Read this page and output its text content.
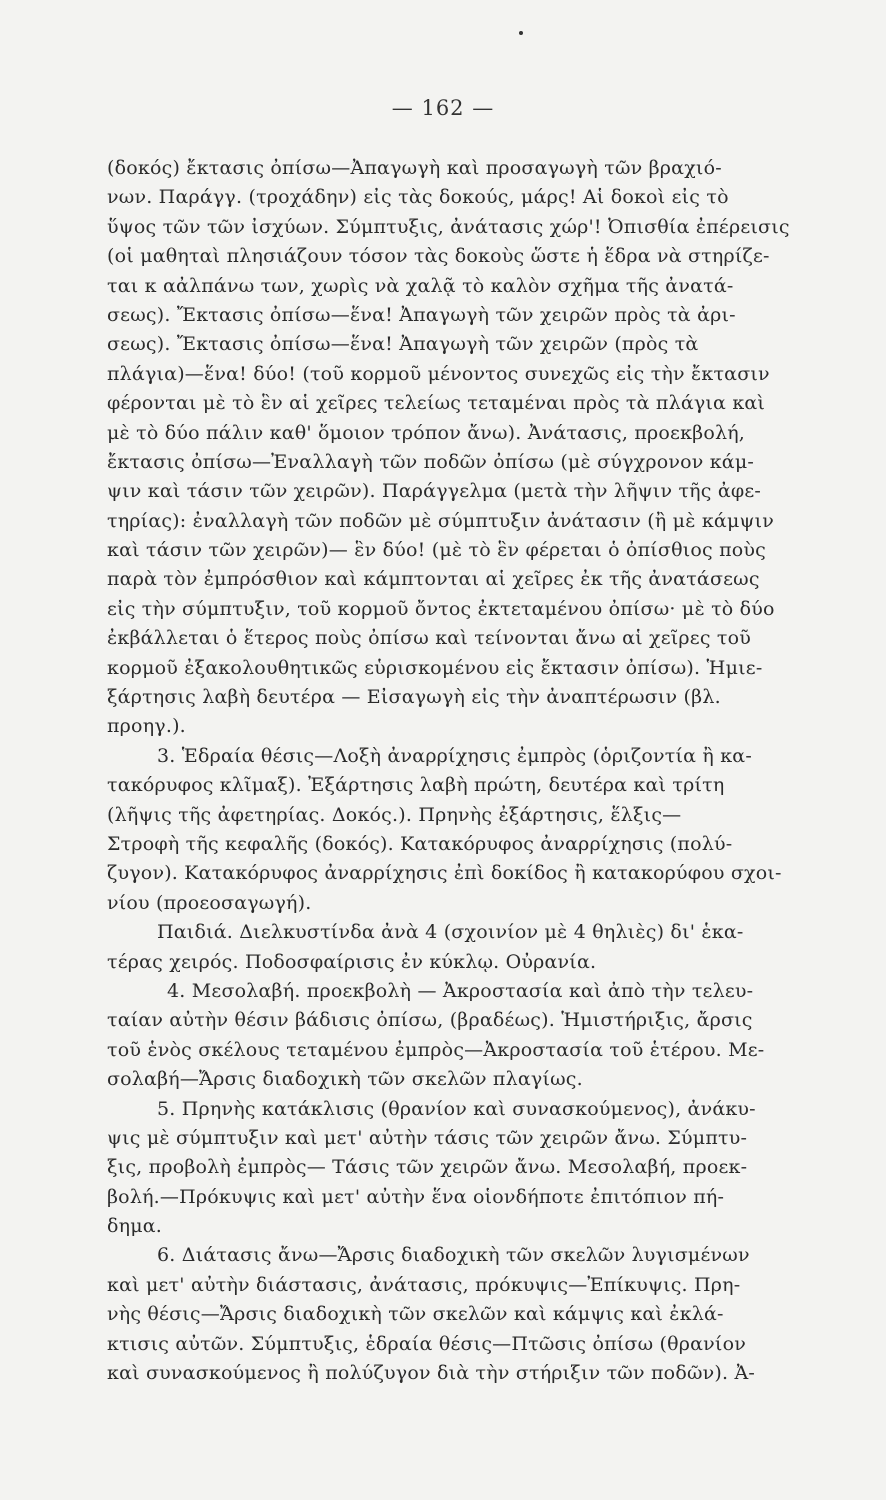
— 162 —
(δοκός) ἔκτασις ὀπίσω—Ἀπαγωγὴ καὶ προσαγωγὴ τῶν βραχιό-
νων. Παράγγ. (τροχάδην) εἰς τὰς δοκούς, μάρς! Αἱ δοκοὶ εἰς τὸ
ὕψος τῶν τῶν ἰσχύων. Σύμπτυξις, ἀνάτασις χώρ'! Ὀπισθία ἐπέρεισις
(οἱ μαθηταὶ πλησιάζουν τόσον τὰς δοκοὺς ὥστε ἡ ἕδρα νὰ στηρίζε-
ται κ αἀλπάνω των, χωρὶς νὰ χαλᾷ τὸ καλὸν σχῆμα τῆς ἀνατά-
σεως). Ἔκτασις ὀπίσω—ἕνα! Ἀπαγωγὴ τῶν χειρῶν πρὸς τὰ ἀρι-
σεως). Ἔκτασις ὀπίσω—ἕνα! Ἀπαγωγὴ τῶν χειρῶν (πρὸς τὰ
πλάγια)—ἕνα! δύο! (τοῦ κορμοῦ μένοντος συνεχῶς εἰς τὴν ἔκτασιν
φέρονται μὲ τὸ ἓν αἱ χεῖρες τελείως τεταμέναι πρὸς τὰ πλάγια καὶ
μὲ τὸ δύο πάλιν καθ' ὅμοιον τρόπον ἄνω). Ἀνάτασις, προεκβολή,
ἔκτασις ὀπίσω—Ἐναλλαγὴ τῶν ποδῶν ὀπίσω (μὲ σύγχρονον κάμ-
ψιν καὶ τάσιν τῶν χειρῶν). Παράγγελμα (μετὰ τὴν λῆψιν τῆς ἀφε-
τηρίας): ἐναλλαγὴ τῶν ποδῶν μὲ σύμπτυξιν ἀνάτασιν (ἢ μὲ κάμψιν
καὶ τάσιν τῶν χειρῶν)— ἓν δύο! (μὲ τὸ ἓν φέρεται ὁ ὀπίσθιος ποὺς
παρὰ τὸν ἐμπρόσθιον καὶ κάμπτονται αἱ χεῖρες ἐκ τῆς ἀνατάσεως
εἰς τὴν σύμπτυξιν, τοῦ κορμοῦ ὄντος ἐκτεταμένου ὀπίσω· μὲ τὸ δύο
ἐκβάλλεται ὁ ἕτερος ποὺς ὀπίσω καὶ τείνονται ἄνω αἱ χεῖρες τοῦ
κορμοῦ ἐξακολουθητικῶς εὑρισκομένου εἰς ἔκτασιν ὀπίσω). Ἡμιε-
ξάρτησις λαβὴ δευτέρα — Εἰσαγωγὴ εἰς τὴν ἀναπτέρωσιν (βλ.
προηγ.).
3. Ἑδραία θέσις—Λοξὴ ἀναρρίχησις ἐμπρὸς (ὁριζοντία ἢ κα-
τακόρυφος κλῖμαξ). Ἐξάρτησις λαβὴ πρώτη, δευτέρα καὶ τρίτη
(λῆψις τῆς ἀφετηρίας. Δοκός.). Πρηνὴς ἐξάρτησις, ἕλξις—
Στροφὴ τῆς κεφαλῆς (δοκός). Κατακόρυφος ἀναρρίχησις (πολύ-
ζυγον). Κατακόρυφος ἀναρρίχησις ἐπὶ δοκίδος ἢ κατακορύφου σχοι-
νίου (προεοσαγωγή).
Παιδιά. Διελκυστίνδα ἀνὰ 4 (σχοινίον μὲ 4 θηλιὲς) δι' ἑκα-
τέρας χειρός. Ποδοσφαίρισις ἐν κύκλῳ. Οὐρανία.
4. Μεσολαβή. προεκβολὴ — Ἀκροστασία καὶ ἀπὸ τὴν τελευ-
ταίαν αὐτὴν θέσιν βάδισις ὀπίσω, (βραδέως). Ἡμιστήριξις, ἄρσις
τοῦ ἑνὸς σκέλους τεταμένου ἐμπρὸς—Ἀκροστασία τοῦ ἑτέρου. Με-
σολαβή—Ἄρσις διαδοχικὴ τῶν σκελῶν πλαγίως.
5. Πρηνὴς κατάκλισις (θρανίον καὶ συνασκούμενος), ἀνάκυ-
ψις μὲ σύμπτυξιν καὶ μετ' αὐτὴν τάσις τῶν χειρῶν ἄνω. Σύμπτυ-
ξις, προβολὴ ἐμπρὸς— Τάσις τῶν χειρῶν ἄνω. Μεσολαβή, προεκ-
βολή.—Πρόκυψις καὶ μετ' αὐτὴν ἕνα οἱονδήποτε ἐπιτόπιον πή-
δημα.
6. Διάτασις ἄνω—Ἄρσις διαδοχικὴ τῶν σκελῶν λυγισμένων
καὶ μετ' αὐτὴν διάστασις, ἀνάτασις, πρόκυψις—Ἐπίκυψις. Πρη-
νὴς θέσις—Ἄρσις διαδοχικὴ τῶν σκελῶν καὶ κάμψις καὶ ἐκλά-
κτισις αὐτῶν. Σύμπτυξις, ἑδραία θέσις—Πτῶσις ὀπίσω (θρανίον
καὶ συνασκούμενος ἢ πολύζυγον διὰ τὴν στήριξιν τῶν ποδῶν). Ἀ-
